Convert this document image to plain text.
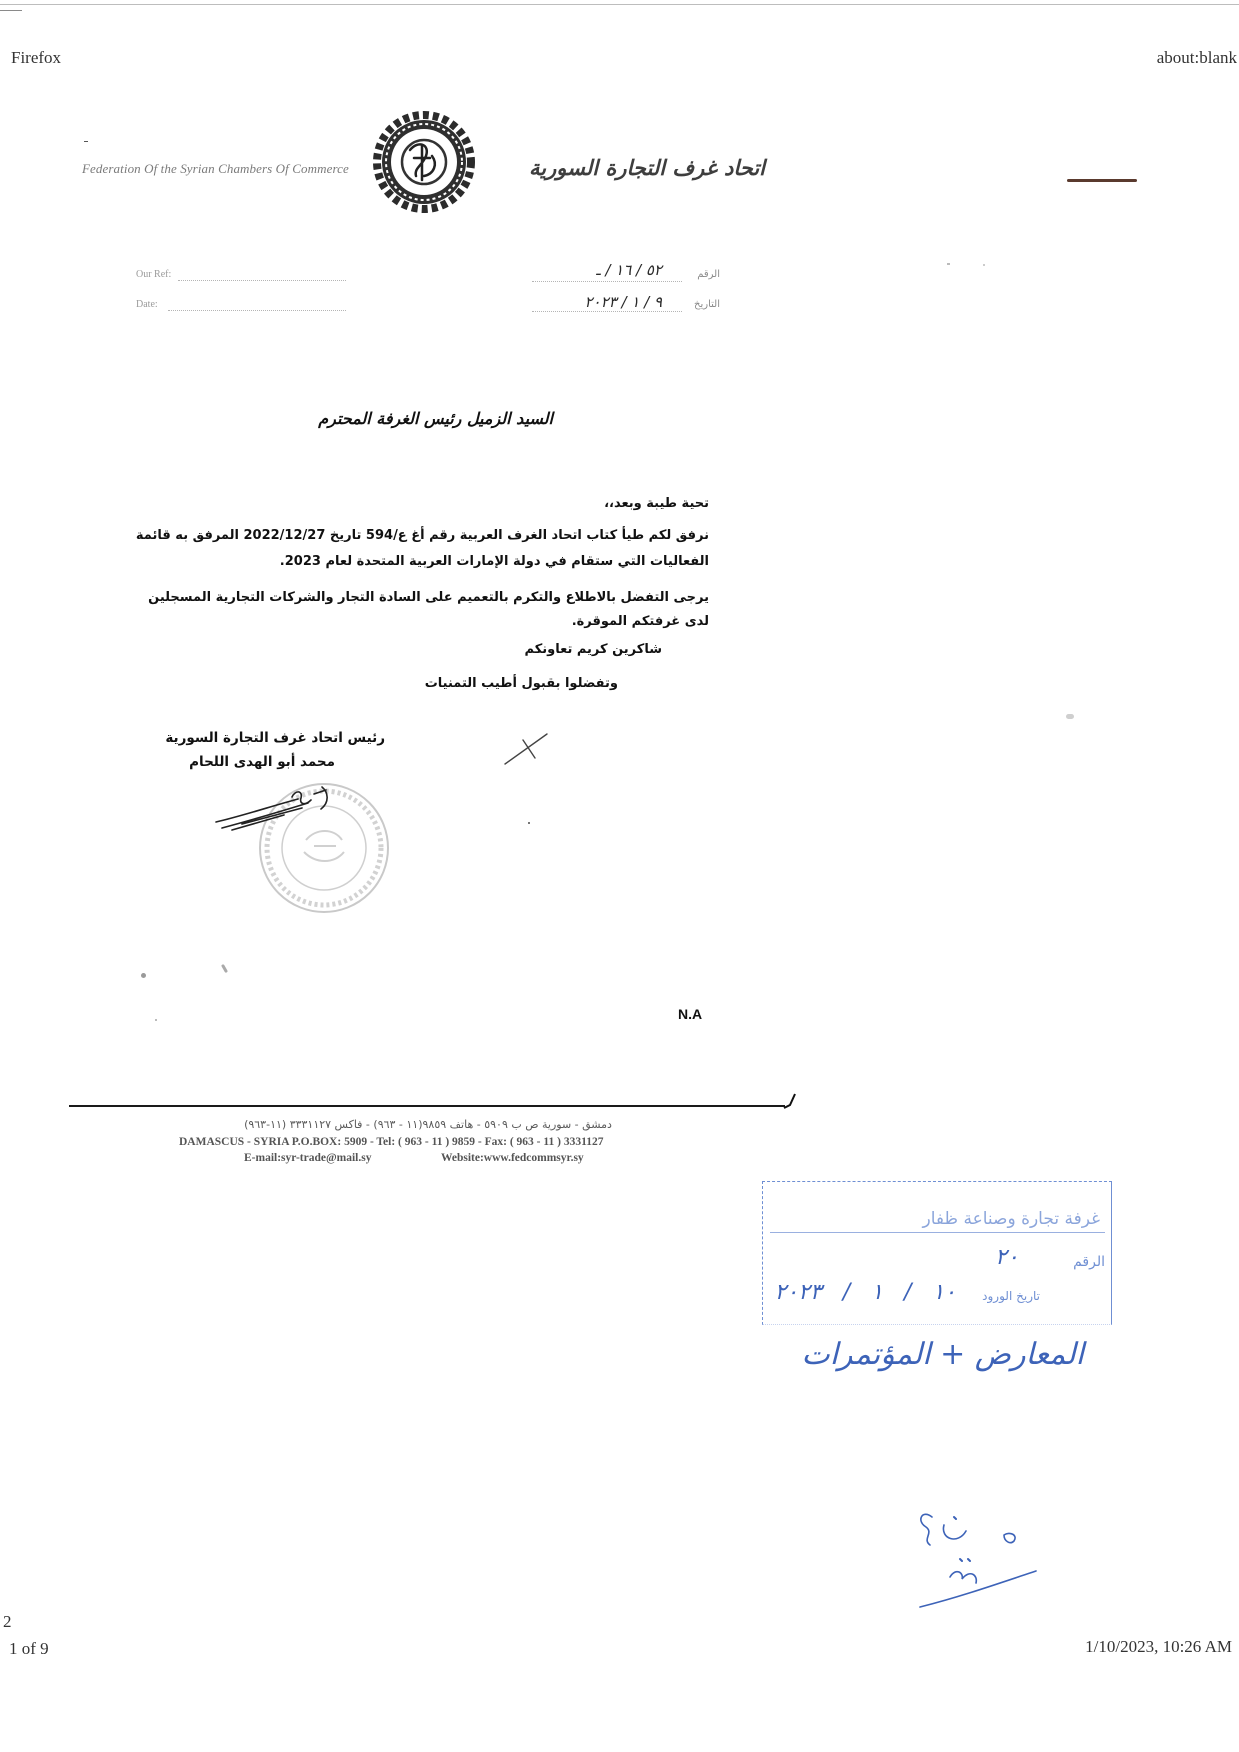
Firefox	about:blank
Federation Of the Syrian Chambers Of Commerce	اتحاد غرف التجارة السورية
Our Ref:
Date:
الرقم
٥٢ / ١٦ / ـ
التاريخ
٩ / ١ / ٢٠٢٣
السيد الزميل رئيس الغرفة المحترم
تحية طيبة وبعد،،
نرفق لكم طيأ كتاب اتحاد الغرف العربية رقم أغ ع/594 تاريخ 2022/12/27 المرفق به قائمة
الفعاليات التي ستقام في دولة الإمارات العربية المتحدة لعام 2023.
يرجى التفضل بالاطلاع والتكرم بالتعميم على السادة التجار والشركات التجارية المسجلين
لدى غرفتكم الموقرة.
شاكرين كريم تعاونكم
وتفضلوا بقبول أطيب التمنيات
رئيس اتحاد غرف التجارة السورية
محمد أبو الهدى اللحام
N.A
دمشق - سورية ص ب ٥٩٠٩ - هاتف ٩٨٥٩(١١ - ٩٦٣) - فاكس ٣٣٣١١٢٧ (١١-٩٦٣)
DAMASCUS - SYRIA P.O.BOX: 5909 - Tel: ( 963 - 11 ) 9859 - Fax: ( 963 - 11 ) 3331127
E-mail:syr-trade@mail.sy	Website:www.fedcommsyr.sy
غرفة تجارة وصناعة ظفار
الرقم
٢٠
تاريخ الورود
١٠ / ١ / ٢٠٢٣
المعارض + المؤتمرات
2
1 of 9	1/10/2023, 10:26 AM
